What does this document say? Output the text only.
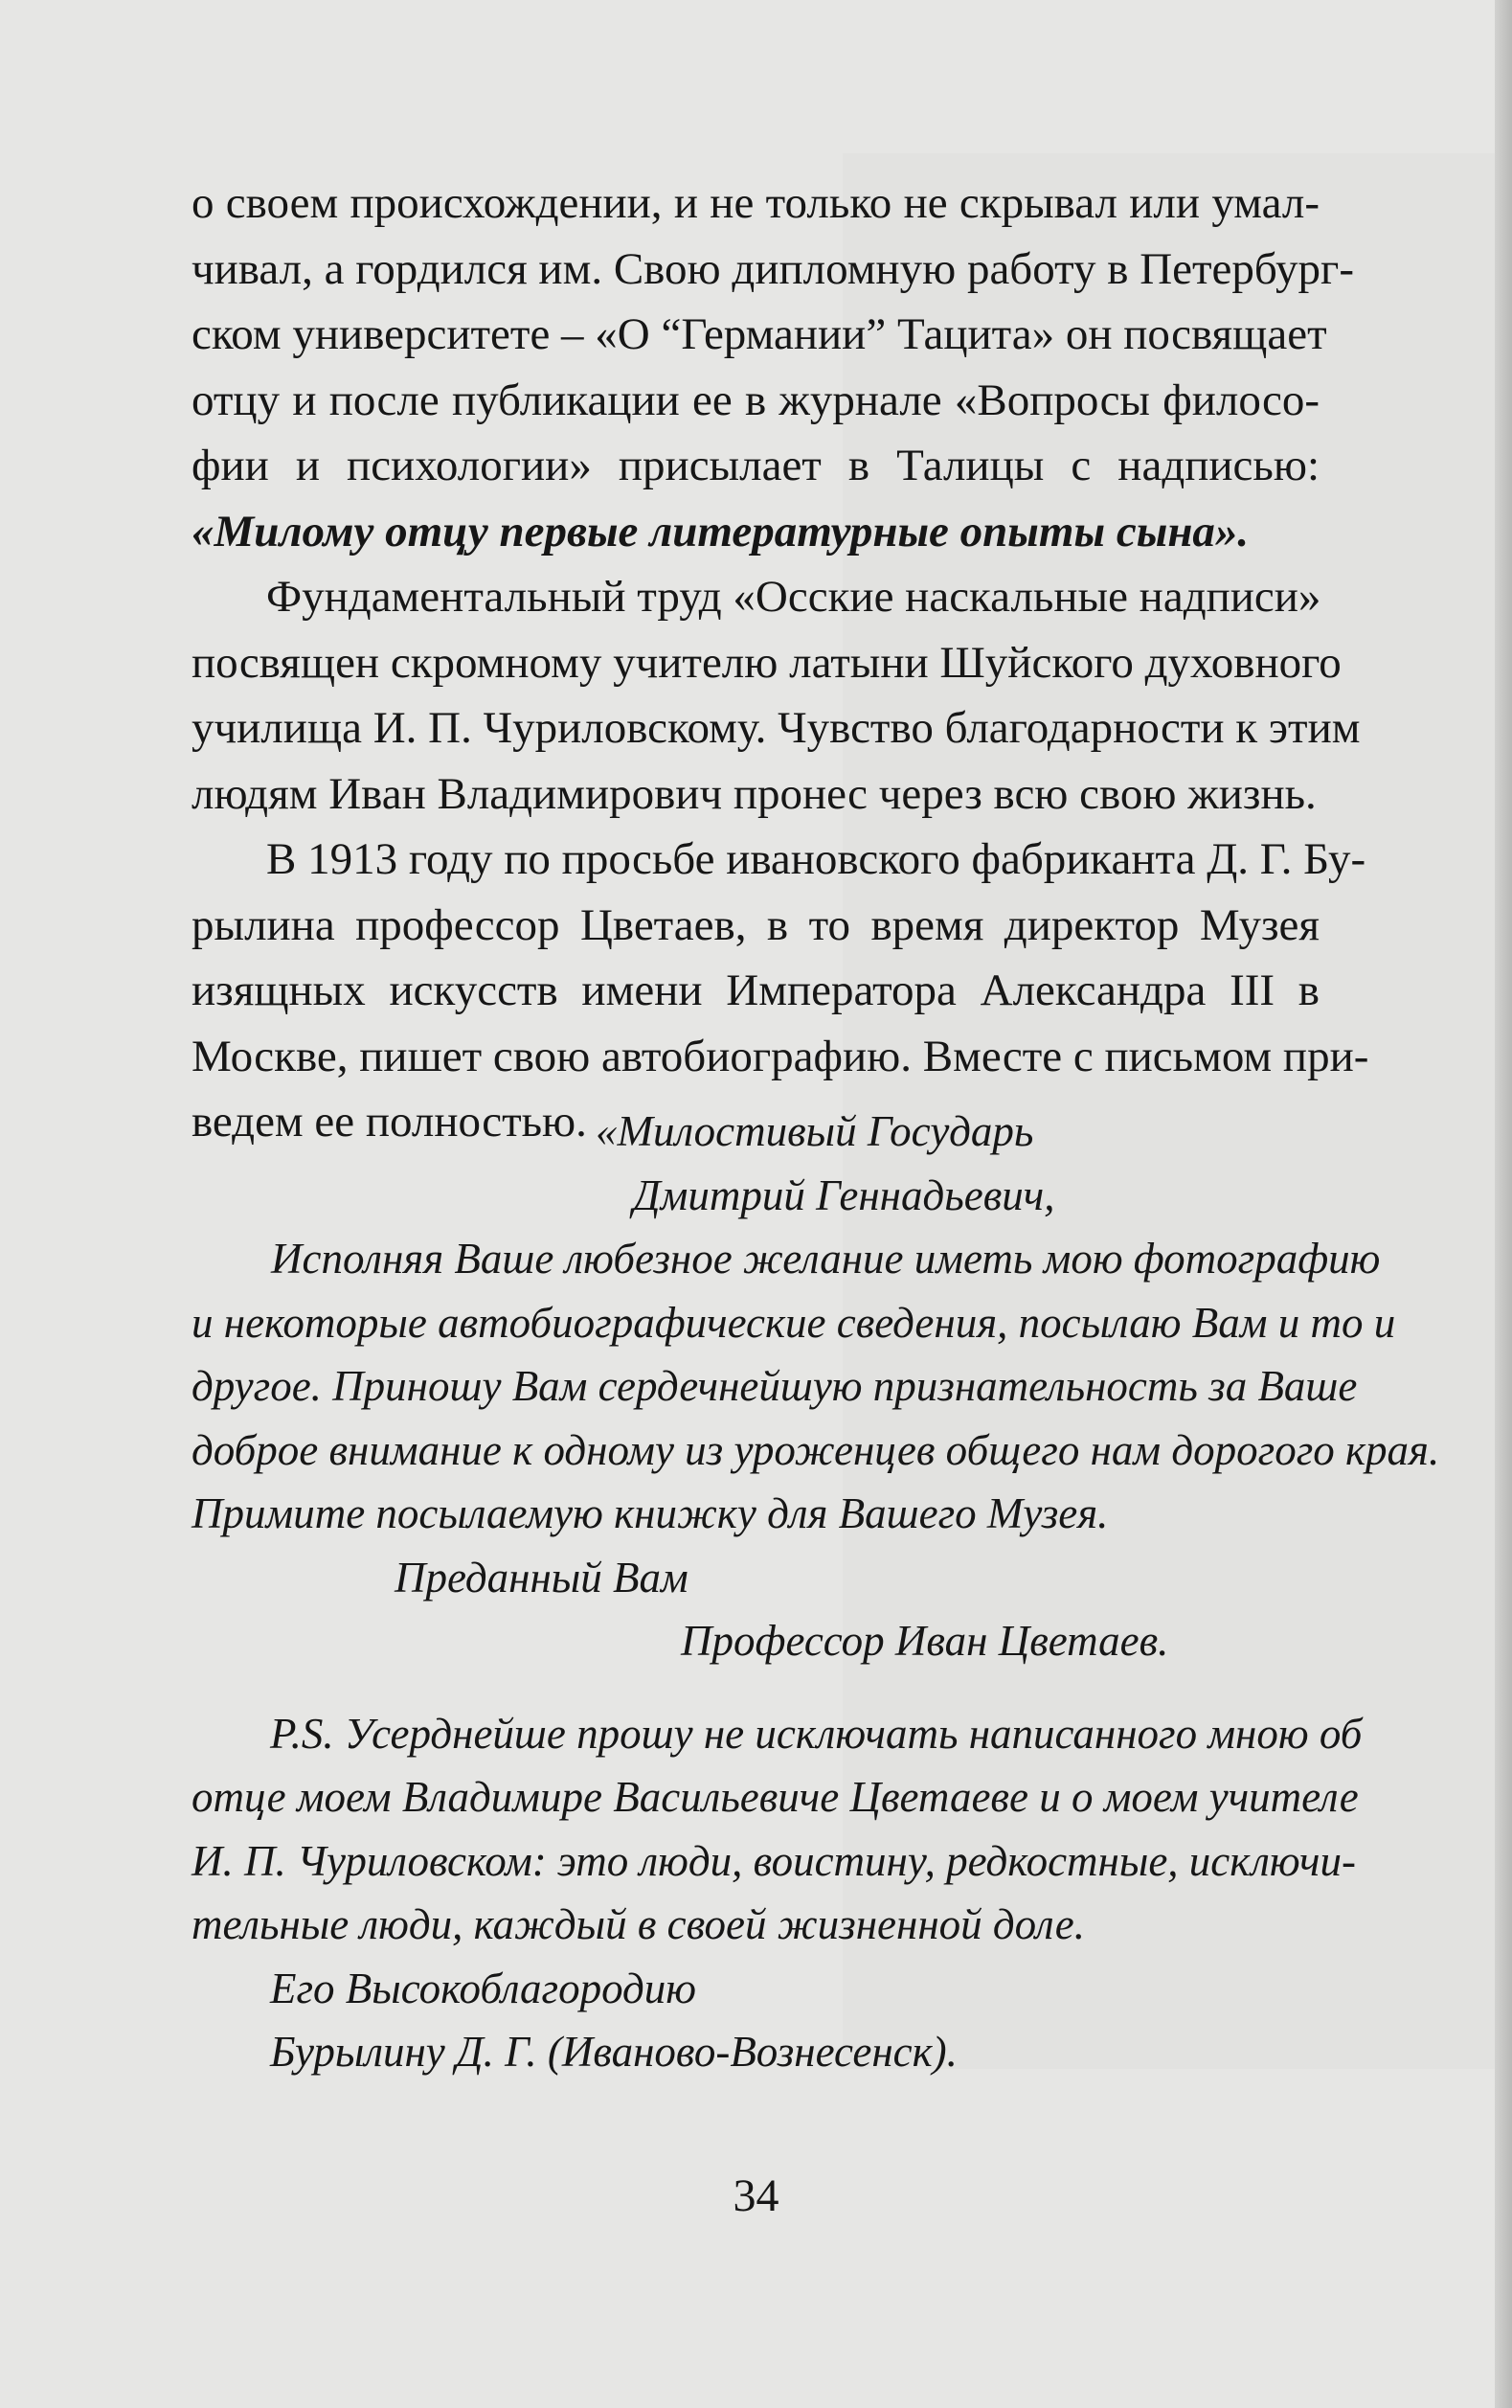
о своем происхождении, и не только не скрывал или умал-
чивал, а гордился им. Свою дипломную работу в Петербург-
ском университете – «О “Германии” Тацита» он посвящает
отцу и после публикации ее в журнале «Вопросы филосо-
фии и психологии» присылает в Талицы с надписью:
«Милому отцу первые литературные опыты сына».
Фундаментальный труд «Осские наскальные надписи»
посвящен скромному учителю латыни Шуйского духовного
училища И. П. Чуриловскому. Чувство благодарности к этим
людям Иван Владимирович пронес через всю свою жизнь.
В 1913 году по просьбе ивановского фабриканта Д. Г. Бу-
рылина профессор Цветаев, в то время директор Музея
изящных искусств имени Императора Александра III в
Москве, пишет свою автобиографию. Вместе с письмом при-
ведем ее полностью. «Милостивый Государь
Дмитрий Геннадьевич,
Исполняя Ваше любезное желание иметь мою фотографию
и некоторые автобиографические сведения, посылаю Вам и то и
другое. Приношу Вам сердечнейшую признательность за Ваше
доброе внимание к одному из уроженцев общего нам дорогого края.
Примите посылаемую книжку для Вашего Музея.
Преданный Вам
Профессор Иван Цветаев.
P.S. Усерднейше прошу не исключать написанного мною об
отце моем Владимире Васильевиче Цветаеве и о моем учителе
И. П. Чуриловском: это люди, воистину, редкостные, исключи-
тельные люди, каждый в своей жизненной доле.
Его Высокоблагородию
Бурылину Д. Г. (Иваново-Вознесенск).
34
